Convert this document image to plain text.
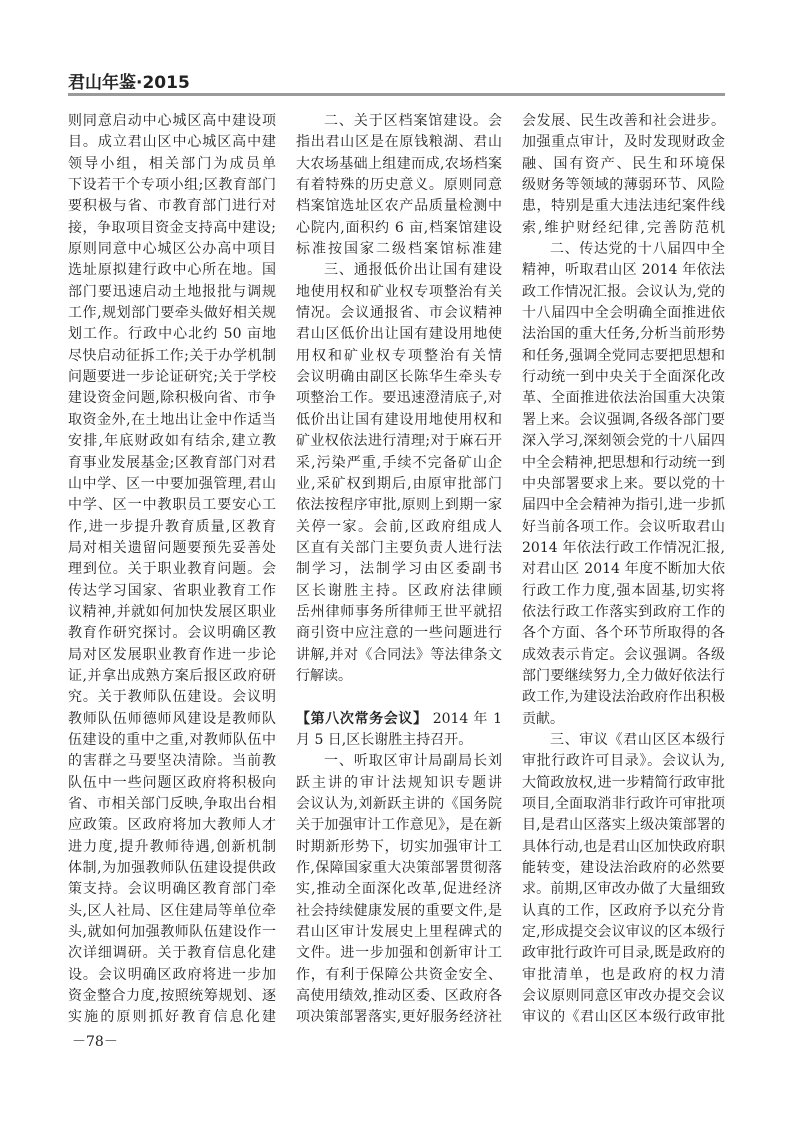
君山年鉴·2015
则同意启动中心城区高中建设项
目。成立君山区中心城区高中建
领导小组，相关部门为成员单
下设若干个专项小组;区教育部门
要积极与省、市教育部门进行对
接，争取项目资金支持高中建设;
原则同意中心城区公办高中项目
选址原拟建行政中心所在地。国
部门要迅速启动土地报批与调规
工作,规划部门要牵头做好相关规
划工作。行政中心北约 50 亩地
尽快启动征拆工作;关于办学机制
问题要进一步论证研究;关于学校
建设资金问题,除积极向省、市争
取资金外,在土地出让金中作适当
安排,年底财政如有结余,建立教
育事业发展基金;区教育部门对君
山中学、区一中要加强管理,君山
中学、区一中教职员工要安心工
作,进一步提升教育质量,区教育
局对相关遗留问题要预先妥善处
理到位。关于职业教育问题。会
传达学习国家、省职业教育工作
议精神,并就如何加快发展区职业
教育作研究探讨。会议明确区教
局对区发展职业教育作进一步论
证,并拿出成熟方案后报区政府研
究。关于教师队伍建设。会议明
教师队伍师德师风建设是教师队
伍建设的重中之重,对教师队伍中
的害群之马要坚决清除。当前教
队伍中一些问题区政府将积极向
省、市相关部门反映,争取出台相
应政策。区政府将加大教师人才
进力度,提升教师待遇,创新机制
体制,为加强教师队伍建设提供政
策支持。会议明确区教育部门牵
头,区人社局、区住建局等单位牵
头,就如何加强教师队伍建设作一
次详细调研。关于教育信息化建
设。会议明确区政府将进一步加
资金整合力度,按照统筹规划、逐
实施的原则抓好教育信息化建
二、关于区档案馆建设。会
指出君山区是在原钱粮湖、君山
大农场基础上组建而成,农场档案
有着特殊的历史意义。原则同意
档案馆选址区农产品质量检测中
心院内,面积约 6 亩,档案馆建设
标准按国家二级档案馆标准建
三、通报低价出让国有建设
地使用权和矿业权专项整治有关
情况。会议通报省、市会议精神
君山区低价出让国有建设用地使
用权和矿业权专项整治有关情
会议明确由副区长陈华生牵头专
项整治工作。要迅速澄清底子,对
低价出让国有建设用地使用权和
矿业权依法进行清理;对于麻石开
采,污染严重,手续不完备矿山企
业,采矿权到期后,由原审批部门
依法按程序审批,原则上到期一家
关停一家。会前,区政府组成人
区直有关部门主要负责人进行法
制学习，法制学习由区委副书
区长谢胜主持。区政府法律顾
岳州律师事务所律师王世平就招
商引资中应注意的一些问题进行
讲解,并对《合同法》等法律条文
行解读。
【第八次常务会议】 2014 年 1
月 5 日,区长谢胜主持召开。
一、听取区审计局副局长刘
跃主讲的审计法规知识专题讲
会议认为,刘新跃主讲的《国务院
关于加强审计工作意见》，是在新
时期新形势下，切实加强审计工
作,保障国家重大决策部署贯彻落
实,推动全面深化改革,促进经济
社会持续健康发展的重要文件,是
君山区审计发展史上里程碑式的
文件。进一步加强和创新审计工
作，有利于保障公共资金安全、
高使用绩效,推动区委、区政府各
项决策部署落实,更好服务经济社
会发展、民生改善和社会进步。
加强重点审计，及时发现财政金
融、国有资产、民生和环境保
级财务等领域的薄弱环节、风险
患，特别是重大违法违纪案件线
索,维护财经纪律,完善防范机
二、传达党的十八届四中全
精神，听取君山区 2014 年依法
政工作情况汇报。会议认为,党的
十八届四中全会明确全面推进依
法治国的重大任务,分析当前形势
和任务,强调全党同志要把思想和
行动统一到中央关于全面深化改
革、全面推进依法治国重大决策
署上来。会议强调,各级各部门要
深入学习,深刻领会党的十八届四
中全会精神,把思想和行动统一到
中央部署要求上来。要以党的十
届四中全会精神为指引,进一步抓
好当前各项工作。会议听取君山
2014 年依法行政工作情况汇报,
对君山区 2014 年度不断加大依
行政工作力度,强本固基,切实将
依法行政工作落实到政府工作的
各个方面、各个环节所取得的各
成效表示肯定。会议强调。各级
部门要继续努力,全力做好依法行
政工作,为建设法治政府作出积极
贡献。
三、审议《君山区区本级行
审批行政许可目录》。会议认为,
大简政放权,进一步精简行政审批
项目,全面取消非行政许可审批项
目,是君山区落实上级决策部署的
具体行动,也是君山区加快政府职
能转变，建设法治政府的必然要
求。前期,区审改办做了大量细致
认真的工作，区政府予以充分肯
定,形成提交会议审议的区本级行
政审批行政许可目录,既是政府的
审批清单，也是政府的权力清
会议原则同意区审改办提交会议
审议的《君山区区本级行政审批
－78－
